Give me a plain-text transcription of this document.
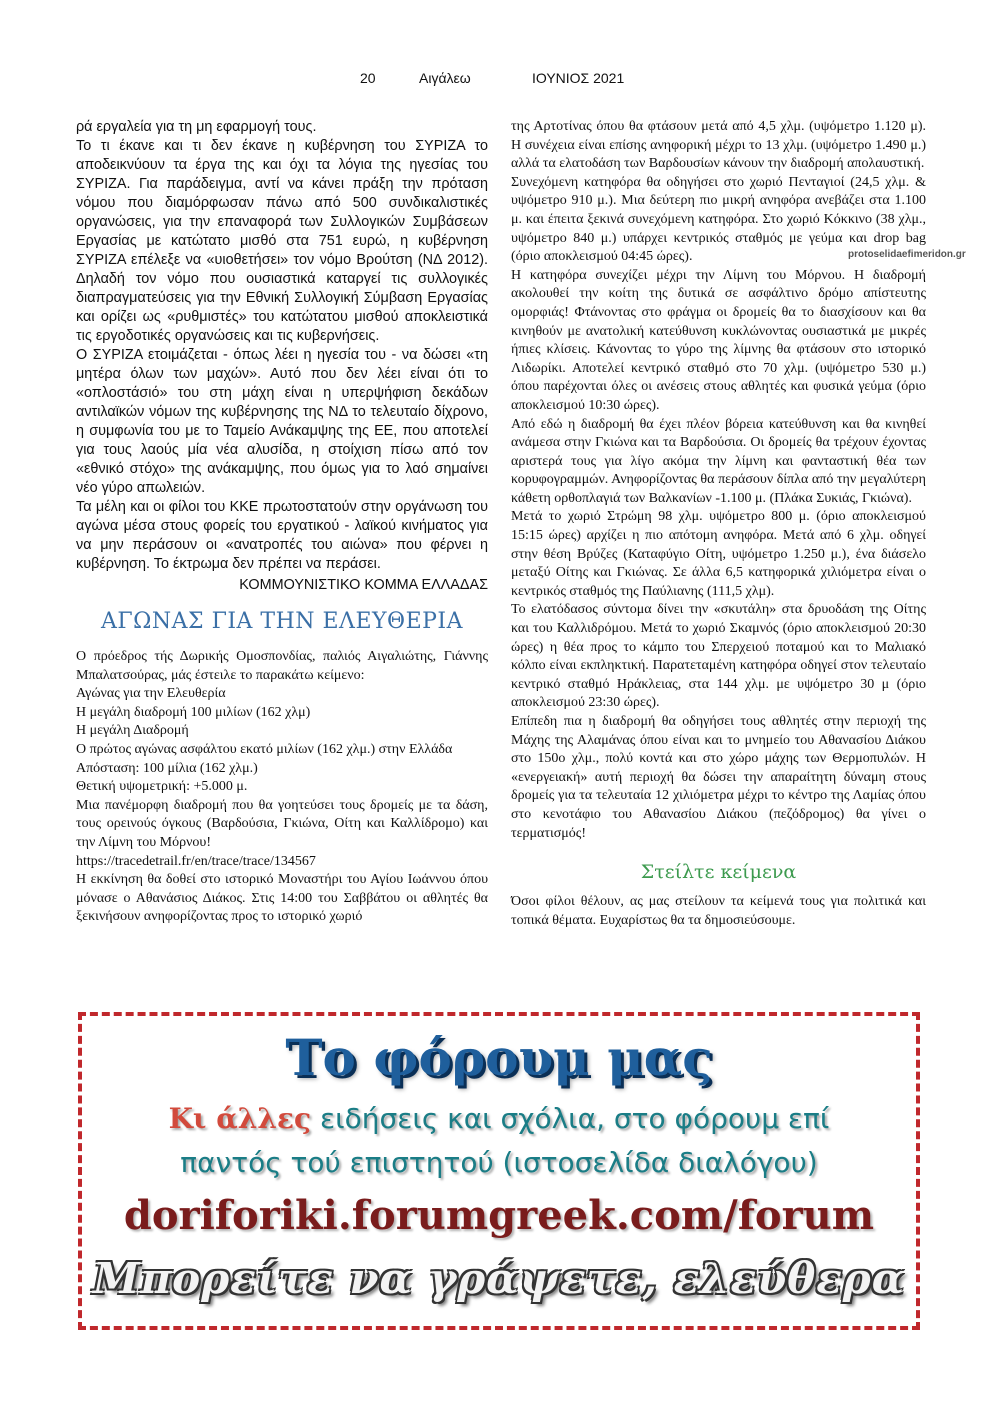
20	Αιγάλεω	ΙΟΥΝΙΟΣ 2021
protoselidaefimeridon.gr

ρά εργαλεία για τη μη εφαρμογή τους.

Το τι έκανε και τι δεν έκανε η κυβέρνηση του ΣΥΡΙΖΑ το αποδεικνύουν τα έργα της και όχι τα λόγια της ηγεσίας του ΣΥΡΙΖΑ. Για παράδειγμα, αντί να κάνει πράξη την πρόταση νόμου που διαμόρφωσαν πάνω από 500 συνδικαλιστικές οργανώσεις, για την επαναφορά των Συλλογικών Συμβάσεων Εργασίας με κατώτατο μισθό στα 751 ευρώ, η κυβέρνηση ΣΥΡΙΖΑ επέλεξε να «υιοθετήσει» τον νόμο Βρούτση (ΝΔ 2012). Δηλαδή τον νόμο που ουσιαστικά καταργεί τις συλλογικές διαπραγματεύσεις για την Εθνική Συλλογική Σύμβαση Εργασίας και ορίζει ως «ρυθμιστές» του κατώτατου μισθού αποκλειστικά τις εργοδοτικές οργανώσεις και τις κυβερνήσεις.

Ο ΣΥΡΙΖΑ ετοιμάζεται - όπως λέει η ηγεσία του - να δώσει «τη μητέρα όλων των μαχών». Αυτό που δεν λέει είναι ότι το «οπλοστάσιό» του στη μάχη είναι η υπερψήφιση δεκάδων αντιλαϊκών νόμων της κυβέρνησης της ΝΔ το τελευταίο δίχρονο, η συμφωνία του με το Ταμείο Ανάκαμψης της ΕΕ, που αποτελεί για τους λαούς μία νέα αλυσίδα, η στοίχιση πίσω από τον «εθνικό στόχο» της ανάκαμψης, που όμως για το λαό σημαίνει νέο γύρο απωλειών.

Τα μέλη και οι φίλοι του ΚΚΕ πρωτοστατούν στην οργάνωση του αγώνα μέσα στους φορείς του εργατικού - λαϊκού κινήματος για να μην περάσουν οι «ανατροπές του αιώνα» που φέρνει η κυβέρνηση. Το έκτρωμα δεν πρέπει να περάσει.

ΚΟΜΜΟΥΝΙΣΤΙΚΟ ΚΟΜΜΑ ΕΛΛΑΔΑΣ

ΑΓΩΝΑΣ ΓΙΑ ΤΗΝ ΕΛΕΥΘΕΡΙΑ

Ο πρόεδρος τής Δωρικής Ομοσπονδίας, παλιός Αιγαλιώτης, Γιάννης Μπαλατσούρας, μάς έστειλε το παρακάτω κείμενο:

Αγώνας για την Ελευθερία

Η μεγάλη διαδρομή 100 μιλίων (162 χλμ)

Η μεγάλη Διαδρομή

Ο πρώτος αγώνας ασφάλτου εκατό μιλίων (162 χλμ.) στην Ελλάδα

Απόσταση: 100 μίλια (162 χλμ.)

Θετική υψομετρική: +5.000 μ.

Μια πανέμορφη διαδρομή που θα γοητεύσει τους δρομείς με τα δάση, τους ορεινούς όγκους (Βαρδούσια, Γκιώνα, Οίτη και Καλλίδρομο) και την Λίμνη του Μόρνου!

https://tracedetrail.fr/en/trace/trace/134567

Η εκκίνηση θα δοθεί στο ιστορικό Μοναστήρι του Αγίου Ιωάννου όπου μόνασε ο Αθανάσιος Διάκος. Στις 14:00 του Σαββάτου οι αθλητές θα ξεκινήσουν ανηφορίζοντας προς το ιστορικό χωριό

της Αρτοτίνας όπου θα φτάσουν μετά από 4,5 χλμ. (υψόμετρο 1.120 μ). Η συνέχεια είναι επίσης ανηφορική μέχρι το 13 χλμ. (υψόμετρο 1.490 μ.) αλλά τα ελατοδάση των Βαρδουσίων κάνουν την διαδρομή απολαυστική.

Συνεχόμενη κατηφόρα θα οδηγήσει στο χωριό Πενταγιοί (24,5 χλμ. & υψόμετρο 910 μ.). Μια δεύτερη πιο μικρή ανηφόρα ανεβάζει στα 1.100 μ. και έπειτα ξεκινά συνεχόμενη κατηφόρα. Στο χωριό Κόκκινο (38 χλμ., υψόμετρο 840 μ.) υπάρχει κεντρικός σταθμός με γεύμα και drop bag (όριο αποκλεισμού 04:45 ώρες).

Η κατηφόρα συνεχίζει μέχρι την Λίμνη του Μόρνου. Η διαδρομή ακολουθεί την κοίτη της δυτικά σε ασφάλτινο δρόμο απίστευτης ομορφιάς! Φτάνοντας στο φράγμα οι δρομείς θα το διασχίσουν και θα κινηθούν με ανατολική κατεύθυνση κυκλώνοντας ουσιαστικά με μικρές ήπιες κλίσεις. Κάνοντας το γύρο της λίμνης θα φτάσουν στο ιστορικό Λιδωρίκι. Αποτελεί κεντρικό σταθμό στο 70 χλμ. (υψόμετρο 530 μ.) όπου παρέχονται όλες οι ανέσεις στους αθλητές και φυσικά γεύμα (όριο αποκλεισμού 10:30 ώρες).

Από εδώ η διαδρομή θα έχει πλέον βόρεια κατεύθυνση και θα κινηθεί ανάμεσα στην Γκιώνα και τα Βαρδούσια. Οι δρομείς θα τρέχουν έχοντας αριστερά τους για λίγο ακόμα την λίμνη και φανταστική θέα των κορυφογραμμών. Ανηφορίζοντας θα περάσουν δίπλα από την μεγαλύτερη κάθετη ορθοπλαγιά των Βαλκανίων -1.100 μ. (Πλάκα Συκιάς, Γκιώνα).

Μετά το χωριό Στρώμη 98 χλμ. υψόμετρο 800 μ. (όριο αποκλεισμού 15:15 ώρες) αρχίζει η πιο απότομη ανηφόρα. Μετά από 6 χλμ. οδηγεί στην θέση Βρύζες (Καταφύγιο Οίτη, υψόμετρο 1.250 μ.), ένα διάσελο μεταξύ Οίτης και Γκιώνας. Σε άλλα 6,5 κατηφορικά χιλιόμετρα είναι ο κεντρικός σταθμός της Παύλιανης (111,5 χλμ).

Το ελατόδασος σύντομα δίνει την «σκυτάλη» στα δρυοδάση της Οίτης και του Καλλιδρόμου. Μετά το χωριό Σκαμνός (όριο αποκλεισμού 20:30 ώρες) η θέα προς το κάμπο του Σπερχειού ποταμού και το Μαλιακό κόλπο είναι εκπληκτική. Παρατεταμένη κατηφόρα οδηγεί στον τελευταίο κεντρικό σταθμό Ηράκλειας, στα 144 χλμ. με υψόμετρο 30 μ (όριο αποκλεισμού 23:30 ώρες).

Επίπεδη πια η διαδρομή θα οδηγήσει τους αθλητές στην περιοχή της Μάχης της Αλαμάνας όπου είναι και το μνημείο του Αθανασίου Διάκου στο 150ο χλμ., πολύ κοντά και στο χώρο μάχης των Θερμοπυλών. Η «ενεργειακή» αυτή περιοχή θα δώσει την απαραίτητη δύναμη στους δρομείς για τα τελευταία 12 χιλιόμετρα μέχρι το κέντρο της Λαμίας όπου στο κενοτάφιο του Αθανασίου Διάκου (πεζόδρομος) θα γίνει ο τερματισμός!

Στείλτε κείμενα

Όσοι φίλοι θέλουν, ας μας στείλουν τα κείμενά τους για πολιτικά και τοπικά θέματα. Ευχαρίστως θα τα δημοσιεύσουμε.

Το φόρουμ μας
Κι άλλες ειδήσεις και σχόλια, στο φόρουμ επί
παντός τού επιστητού (ιστοσελίδα διαλόγου)
doriforiki.forumgreek.com/forum
Μπορείτε να γράψετε, ελεύθερα
